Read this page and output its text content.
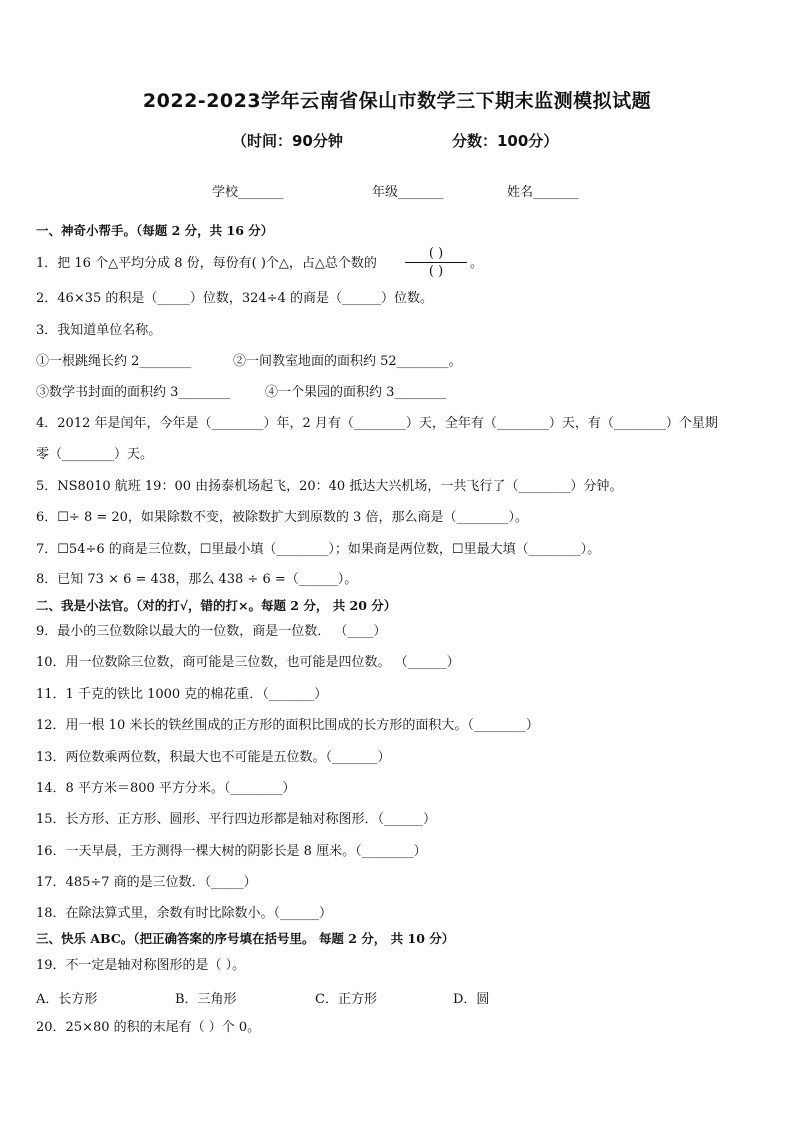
2022-2023学年云南省保山市数学三下期末监测模拟试题
（时间：90分钟	分数：100分）
学校_______	年级_______	姓名_______
一、神奇小帮手。（每题 2 分，共 16 分）
1．把 16 个△平均分成 8 份，每份有( )个△，占△总个数的
( )
( )
。
2．46×35 的积是（_____）位数，324÷4 的商是（______）位数。
3．我知道单位名称。
①一根跳绳长约 2________	②一间教室地面的面积约 52________。
③数学书封面的面积约 3________	④一个果园的面积约 3________
4．2012 年是闰年，今年是（________）年，2 月有（________）天，全年有（________）天，有（________）个星期
零（________）天。
5．NS8010 航班 19：00 由扬泰机场起飞，20：40 抵达大兴机场，一共飞行了（________）分钟。
6．☐÷ 8 = 20，如果除数不变，被除数扩大到原数的 3 倍，那么商是（________）。
7．☐54÷6 的商是三位数，☐里最小填（________）；如果商是两位数，☐里最大填（________）。
8．已知 73 × 6 = 438，那么 438 ÷ 6 =（______）。
二、我是小法官。（对的打√，错的打×。每题 2 分， 共 20 分）
9．最小的三位数除以最大的一位数，商是一位数． （____）
10．用一位数除三位数，商可能是三位数，也可能是四位数。 （______）
11．1 千克的铁比 1000 克的棉花重．（_______）
12．用一根 10 米长的铁丝围成的正方形的面积比围成的长方形的面积大。（________）
13．两位数乘两位数，积最大也不可能是五位数。（_______）
14．8 平方米＝800 平方分米。（________）
15．长方形、正方形、圆形、平行四边形都是轴对称图形．（______）
16．一天早晨，王方测得一棵大树的阴影长是 8 厘米。（________）
17．485÷7 商的是三位数．（_____）
18．在除法算式里，余数有时比除数小。（______）
三、快乐 ABC。（把正确答案的序号填在括号里。 每题 2 分， 共 10 分）
19．不一定是轴对称图形的是（ ）。
A．长方形	B．三角形	C．正方形	D．圆
20．25×80 的积的末尾有（ ）个 0。
